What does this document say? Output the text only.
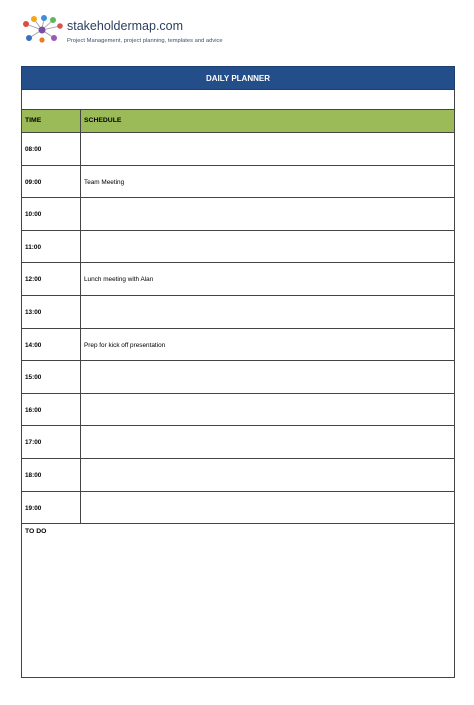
stakeholdermap.com
Project Management, project planning, templates and advice
DAILY PLANNER
TIME	SCHEDULE
08:00
09:00	Team Meeting
10:00
11:00
12:00	Lunch meeting with Alan
13:00
14:00	Prep for kick off presentation
15:00
16:00
17:00
18:00
19:00
TO DO
